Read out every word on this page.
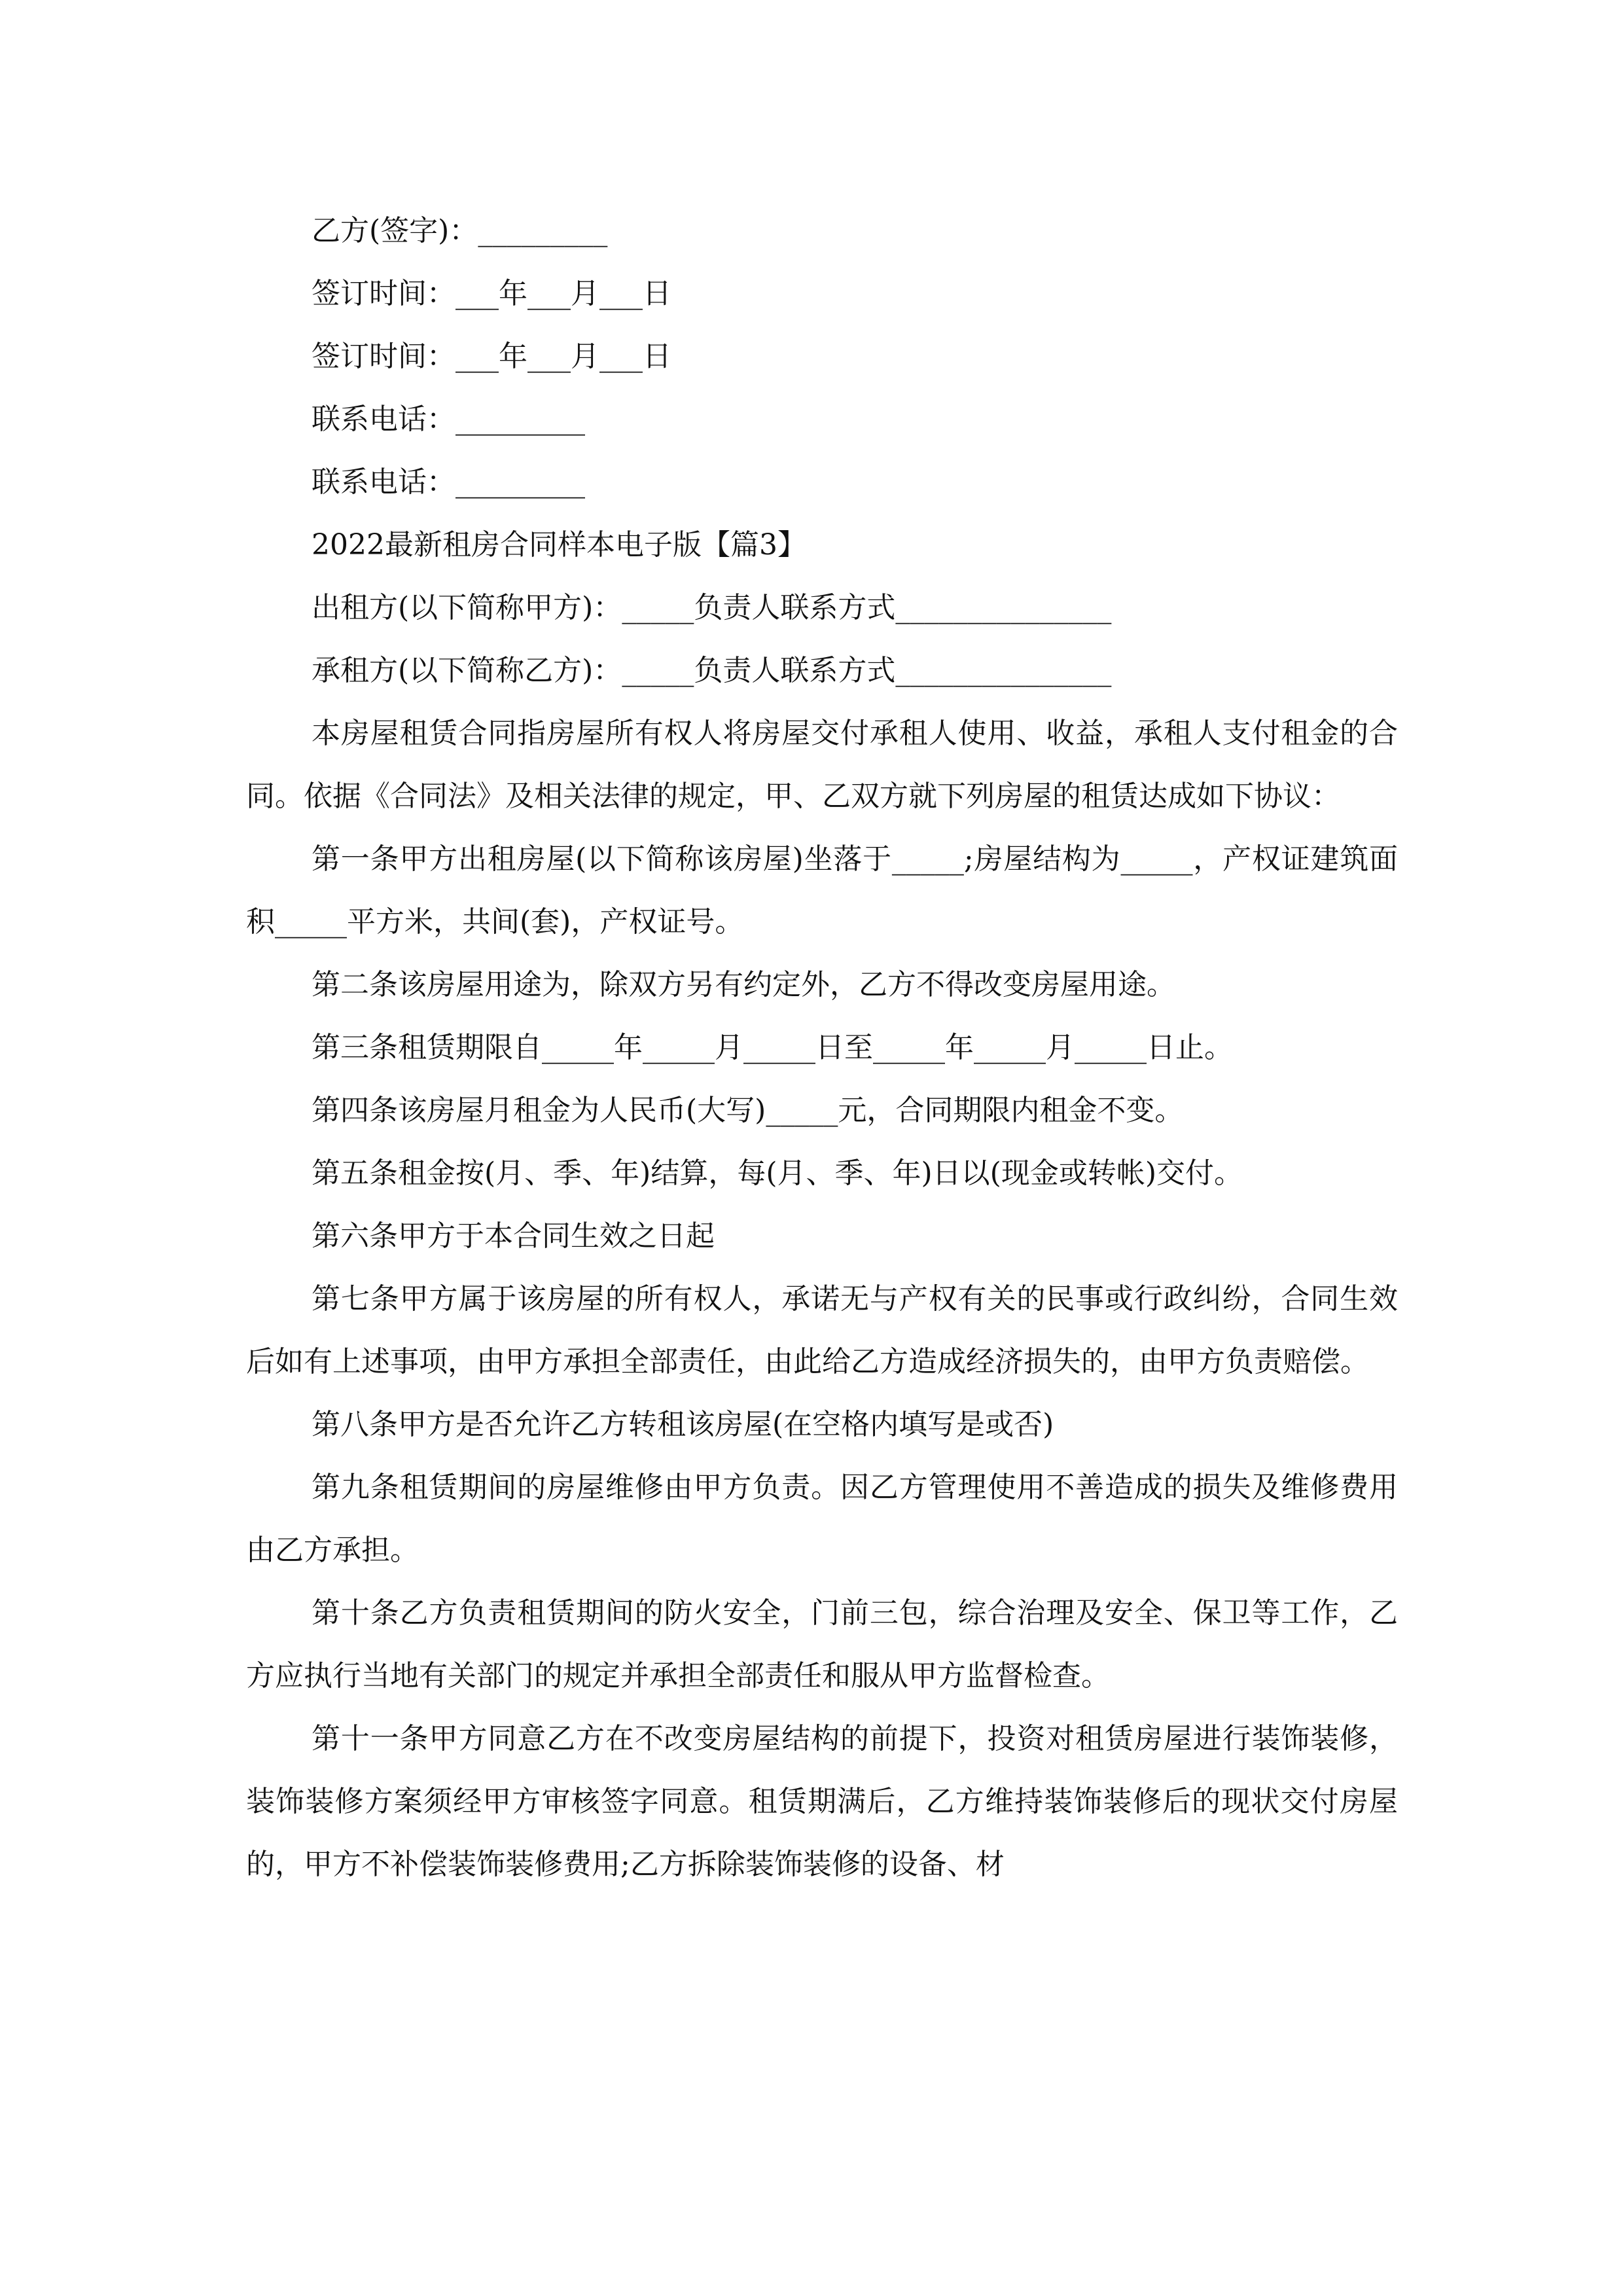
乙方(签字)：_________
签订时间：___年___月___日
签订时间：___年___月___日
联系电话：_________
联系电话：_________
2022最新租房合同样本电子版【篇3】
出租方(以下简称甲方)：_____负责人联系方式_______________
承租方(以下简称乙方)：_____负责人联系方式_______________

本房屋租赁合同指房屋所有权人将房屋交付承租人使用、收益，承租人支付租金的合同。依据《合同法》及相关法律的规定，甲、乙双方就下列房屋的租赁达成如下协议：

第一条甲方出租房屋(以下简称该房屋)坐落于_____;房屋结构为_____，产权证建筑面积_____平方米，共间(套)，产权证号。

第二条该房屋用途为，除双方另有约定外，乙方不得改变房屋用途。

第三条租赁期限自_____年_____月_____日至_____年_____月_____日止。

第四条该房屋月租金为人民币(大写)_____元，合同期限内租金不变。

第五条租金按(月、季、年)结算，每(月、季、年)日以(现金或转帐)交付。

第六条甲方于本合同生效之日起

第七条甲方属于该房屋的所有权人，承诺无与产权有关的民事或行政纠纷，合同生效后如有上述事项，由甲方承担全部责任，由此给乙方造成经济损失的，由甲方负责赔偿。

第八条甲方是否允许乙方转租该房屋(在空格内填写是或否)

第九条租赁期间的房屋维修由甲方负责。因乙方管理使用不善造成的损失及维修费用由乙方承担。

第十条乙方负责租赁期间的防火安全，门前三包，综合治理及安全、保卫等工作，乙方应执行当地有关部门的规定并承担全部责任和服从甲方监督检查。

第十一条甲方同意乙方在不改变房屋结构的前提下，投资对租赁房屋进行装饰装修，装饰装修方案须经甲方审核签字同意。租赁期满后，乙方维持装饰装修后的现状交付房屋的，甲方不补偿装饰装修费用;乙方拆除装饰装修的设备、材
